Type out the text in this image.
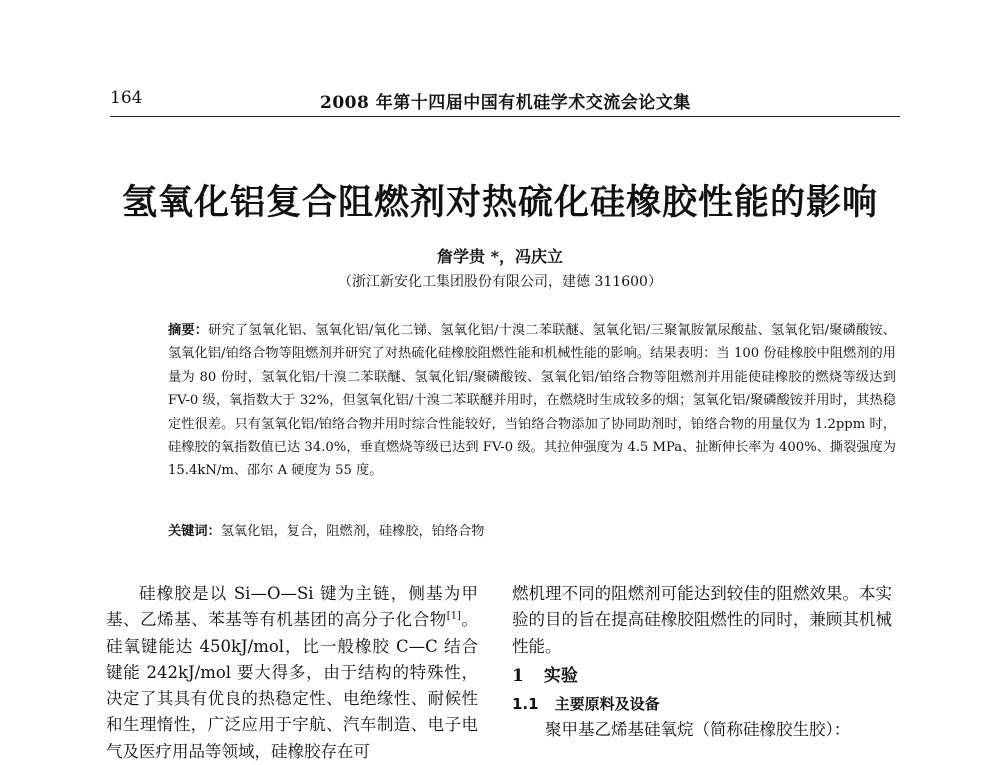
164	2008 年第十四届中国有机硅学术交流会论文集
氢氧化铝复合阻燃剂对热硫化硅橡胶性能的影响
詹学贵 *，冯庆立
（浙江新安化工集团股份有限公司，建德 311600）
摘要：研究了氢氧化铝、氢氧化铝/氧化二锑、氢氧化铝/十溴二苯联醚、氢氧化铝/三聚氰胺氰尿酸盐、氢氧化铝/聚磷酸铵、氢氧化铝/铂络合物等阻燃剂并研究了对热硫化硅橡胶阻燃性能和机械性能的影响。结果表明：当 100 份硅橡胶中阻燃剂的用量为 80 份时，氢氧化铝/十溴二苯联醚、氢氧化铝/聚磷酸铵、氢氧化铝/铂络合物等阻燃剂并用能使硅橡胶的燃烧等级达到 FV-0 级，氧指数大于 32%，但氢氧化铝/十溴二苯联醚并用时，在燃烧时生成较多的烟；氢氧化铝/聚磷酸铵并用时，其热稳定性很差。只有氢氧化铝/铂络合物并用时综合性能较好，当铂络合物添加了协同助剂时，铂络合物的用量仅为 1.2ppm 时，硅橡胶的氧指数值已达 34.0%，垂直燃烧等级已达到 FV-0 级。其拉伸强度为 4.5 MPa、扯断伸长率为 400%、撕裂强度为 15.4kN/m、邵尔 A 硬度为 55 度。
关键词：氢氧化铝，复合，阻燃剂，硅橡胶，铂络合物
硅橡胶是以 Si—O—Si 键为主链，侧基为甲基、乙烯基、苯基等有机基团的高分子化合物[1]。硅氧键能达 450kJ/mol，比一般橡胶 C—C 结合键能 242kJ/mol 要大得多，由于结构的特殊性，决定了其具有优良的热稳定性、电绝缘性、耐候性和生理惰性，广泛应用于宇航、汽车制造、电子电气及医疗用品等领域，硅橡胶存在可
燃机理不同的阻燃剂可能达到较佳的阻燃效果。本实验的目的旨在提高硅橡胶阻燃性的同时，兼顾其机械性能。
1 实验
1.1 主要原料及设备
聚甲基乙烯基硅氧烷（简称硅橡胶生胶）：
